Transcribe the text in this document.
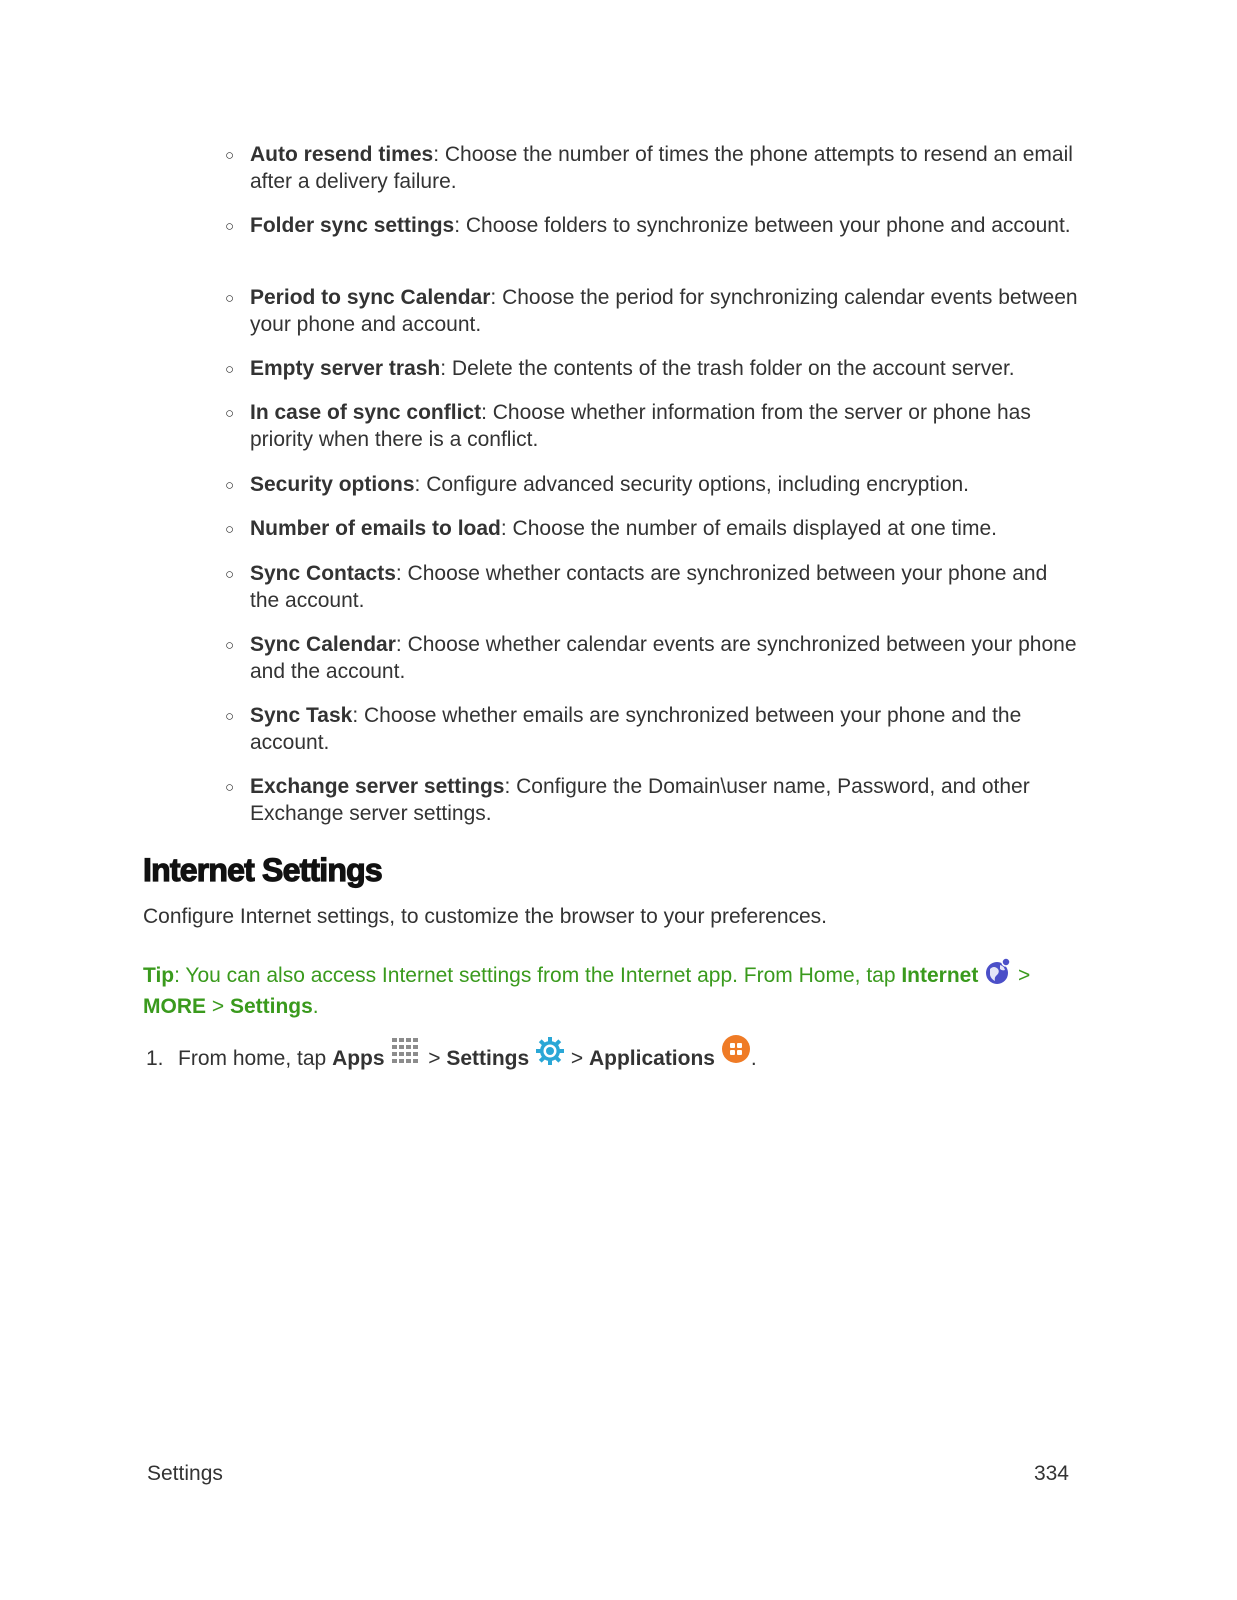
○ Auto resend times: Choose the number of times the phone attempts to resend an email after a delivery failure.
○ Folder sync settings: Choose folders to synchronize between your phone and account.
○ Period to sync Calendar: Choose the period for synchronizing calendar events between your phone and account.
○ Empty server trash: Delete the contents of the trash folder on the account server.
○ In case of sync conflict: Choose whether information from the server or phone has priority when there is a conflict.
○ Security options: Configure advanced security options, including encryption.
○ Number of emails to load: Choose the number of emails displayed at one time.
○ Sync Contacts: Choose whether contacts are synchronized between your phone and the account.
○ Sync Calendar: Choose whether calendar events are synchronized between your phone and the account.
○ Sync Task: Choose whether emails are synchronized between your phone and the account.
○ Exchange server settings: Configure the Domain\user name, Password, and other Exchange server settings.
Internet Settings
Configure Internet settings, to customize the browser to your preferences.
Tip: You can also access Internet settings from the Internet app. From Home, tap Internet  >
MORE > Settings.
1. From home, tap Apps  > Settings  > Applications .
Settings	334
